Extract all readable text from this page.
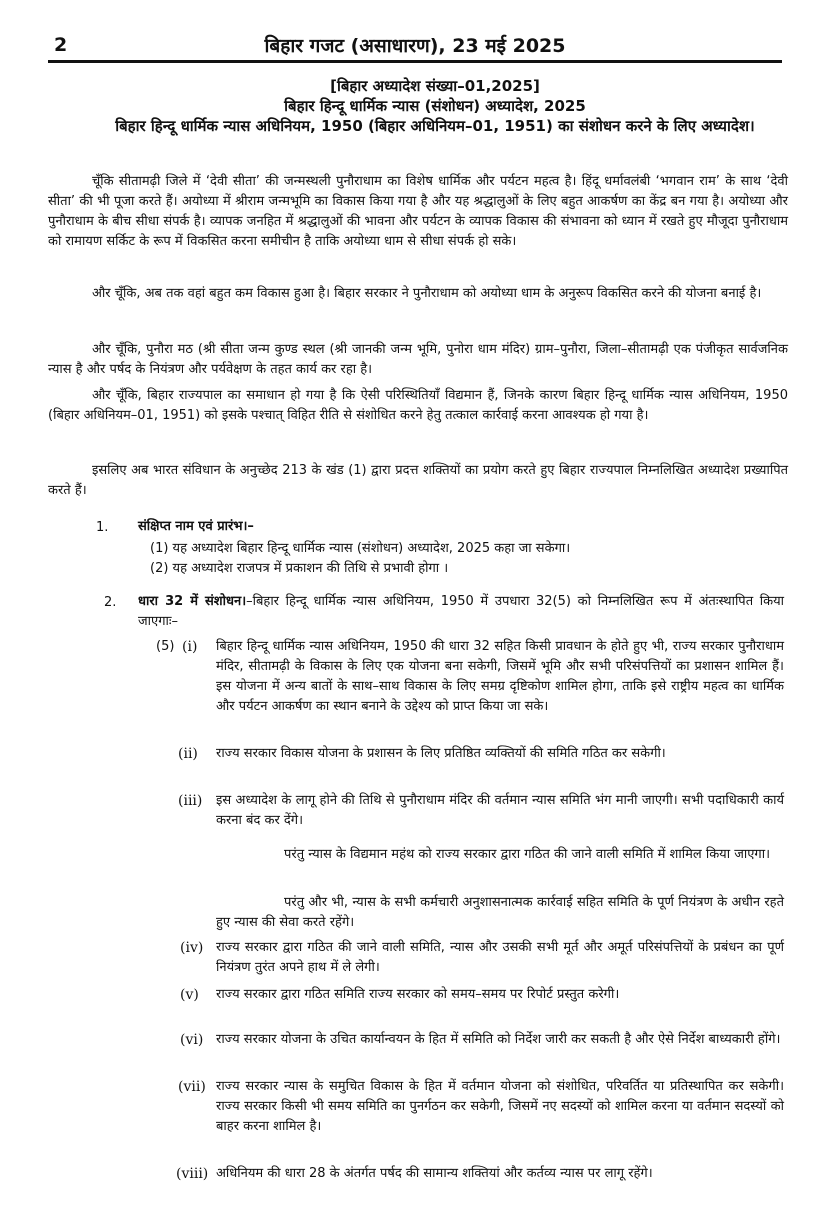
2	बिहार गजट (असाधारण), 23 मई 2025
[बिहार अध्यादेश संख्या–01,2025]
बिहार हिन्दू धार्मिक न्यास (संशोधन) अध्यादेश, 2025
बिहार हिन्दू धार्मिक न्यास अधिनियम, 1950 (बिहार अधिनियम–01, 1951) का संशोधन करने के लिए अध्यादेश।
चूँकि सीतामढ़ी जिले में ‘देवी सीता’ की जन्मस्थली पुनौराधाम का विशेष धार्मिक और पर्यटन महत्व है। हिंदू धर्मावलंबी ‘भगवान राम’ के साथ ‘देवी सीता’ की भी पूजा करते हैं। अयोध्या में श्रीराम जन्मभूमि का विकास किया गया है और यह श्रद्धालुओं के लिए बहुत आकर्षण का केंद्र बन गया है। अयोध्या और पुनौराधाम के बीच सीधा संपर्क है। व्यापक जनहित में श्रद्धालुओं की भावना और पर्यटन के व्यापक विकास की संभावना को ध्यान में रखते हुए मौजूदा पुनौराधाम को रामायण सर्किट के रूप में विकसित करना समीचीन है ताकि अयोध्या धाम से सीधा संपर्क हो सके।
और चूँकि, अब तक वहां बहुत कम विकास हुआ है। बिहार सरकार ने पुनौराधाम को अयोध्या धाम के अनुरूप विकसित करने की योजना बनाई है।
और चूँकि, पुनौरा मठ (श्री सीता जन्म कुण्ड स्थल (श्री जानकी जन्म भूमि, पुनोरा धाम मंदिर) ग्राम–पुनौरा, जिला–सीतामढ़ी एक पंजीकृत सार्वजनिक न्यास है और पर्षद के नियंत्रण और पर्यवेक्षण के तहत कार्य कर रहा है।
और चूँकि, बिहार राज्यपाल का समाधान हो गया है कि ऐसी परिस्थितियाँ विद्यमान हैं, जिनके कारण बिहार हिन्दू धार्मिक न्यास अधिनियम, 1950 (बिहार अधिनियम–01, 1951) को इसके पश्चात् विहित रीति से संशोधित करने हेतु तत्काल कार्रवाई करना आवश्यक हो गया है।
इसलिए अब भारत संविधान के अनुच्छेद 213 के खंड (1) द्वारा प्रदत्त शक्तियों का प्रयोग करते हुए बिहार राज्यपाल निम्नलिखित अध्यादेश प्रख्यापित करते हैं।
1. संक्षिप्त नाम एवं प्रारंभ।–
(1) यह अध्यादेश बिहार हिन्दू धार्मिक न्यास (संशोधन) अध्यादेश, 2025 कहा जा सकेगा।
(2) यह अध्यादेश राजपत्र में प्रकाशन की तिथि से प्रभावी होगा ।
2. धारा 32 में संशोधन।–बिहार हिन्दू धार्मिक न्यास अधिनियम, 1950 में उपधारा 32(5) को निम्नलिखित रूप में अंतःस्थापित किया जाएगाः–
(5) (i) बिहार हिन्दू धार्मिक न्यास अधिनियम, 1950 की धारा 32 सहित किसी प्रावधान के होते हुए भी, राज्य सरकार पुनौराधाम मंदिर, सीतामढ़ी के विकास के लिए एक योजना बना सकेगी, जिसमें भूमि और सभी परिसंपत्तियों का प्रशासन शामिल हैं। इस योजना में अन्य बातों के साथ–साथ विकास के लिए समग्र दृष्टिकोण शामिल होगा, ताकि इसे राष्ट्रीय महत्व का धार्मिक और पर्यटन आकर्षण का स्थान बनाने के उद्देश्य को प्राप्त किया जा सके।
(ii) राज्य सरकार विकास योजना के प्रशासन के लिए प्रतिष्ठित व्यक्तियों की समिति गठित कर सकेगी।
(iii) इस अध्यादेश के लागू होने की तिथि से पुनौराधाम मंदिर की वर्तमान न्यास समिति भंग मानी जाएगी। सभी पदाधिकारी कार्य करना बंद कर देंगे।
परंतु न्यास के विद्यमान महंथ को राज्य सरकार द्वारा गठित की जाने वाली समिति में शामिल किया जाएगा।
परंतु और भी, न्यास के सभी कर्मचारी अनुशासनात्मक कार्रवाई सहित समिति के पूर्ण नियंत्रण के अधीन रहते हुए न्यास की सेवा करते रहेंगे।
(iv) राज्य सरकार द्वारा गठित की जाने वाली समिति, न्यास और उसकी सभी मूर्त और अमूर्त परिसंपत्तियों के प्रबंधन का पूर्ण नियंत्रण तुरंत अपने हाथ में ले लेगी।
(v) राज्य सरकार द्वारा गठित समिति राज्य सरकार को समय–समय पर रिपोर्ट प्रस्तुत करेगी।
(vi) राज्य सरकार योजना के उचित कार्यान्वयन के हित में समिति को निर्देश जारी कर सकती है और ऐसे निर्देश बाध्यकारी होंगे।
(vii) राज्य सरकार न्यास के समुचित विकास के हित में वर्तमान योजना को संशोधित, परिवर्तित या प्रतिस्थापित कर सकेगी। राज्य सरकार किसी भी समय समिति का पुनर्गठन कर सकेगी, जिसमें नए सदस्यों को शामिल करना या वर्तमान सदस्यों को बाहर करना शामिल है।
(viii) अधिनियम की धारा 28 के अंतर्गत पर्षद की सामान्य शक्तियां और कर्तव्य न्यास पर लागू रहेंगे।
